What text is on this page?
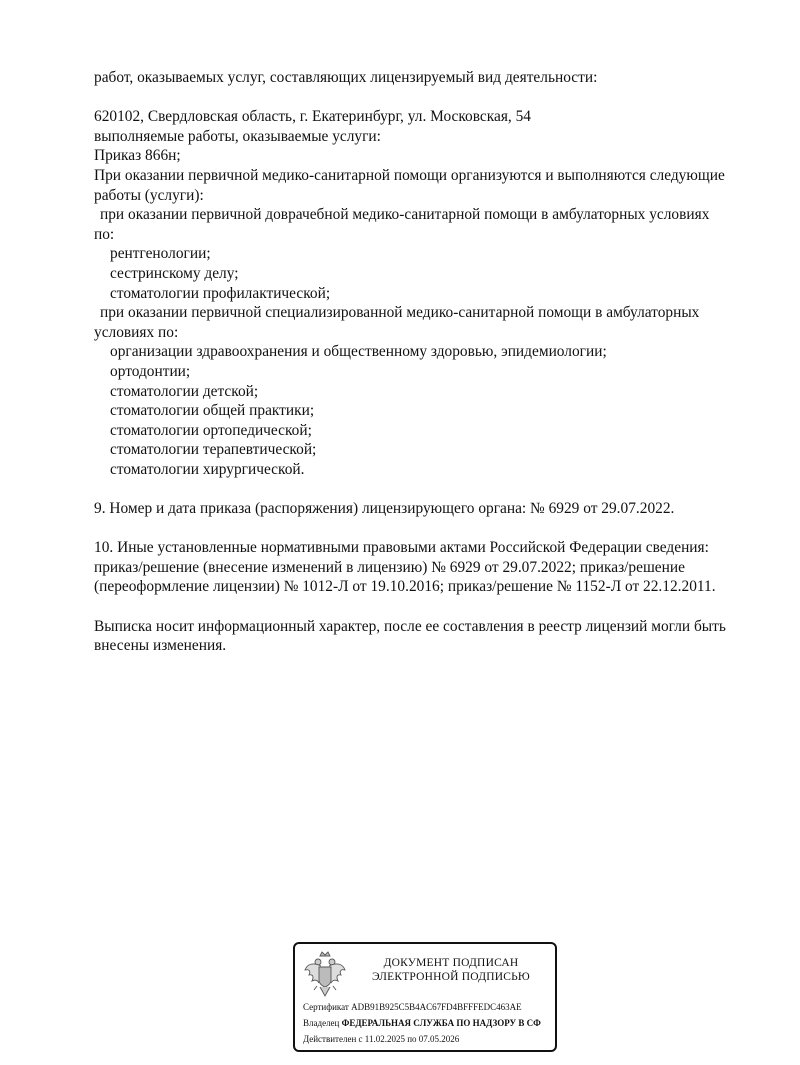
работ, оказываемых услуг, составляющих лицензируемый вид деятельности:
620102, Свердловская область, г. Екатеринбург, ул. Московская, 54
выполняемые работы, оказываемые услуги:
Приказ 866н;
При оказании первичной медико-санитарной помощи организуются и выполняются следующие
работы (услуги):
при оказании первичной доврачебной медико-санитарной помощи в амбулаторных условиях
по:
рентгенологии;
сестринскому делу;
стоматологии профилактической;
при оказании первичной специализированной медико-санитарной помощи в амбулаторных
условиях по:
организации здравоохранения и общественному здоровью, эпидемиологии;
ортодонтии;
стоматологии детской;
стоматологии общей практики;
стоматологии ортопедической;
стоматологии терапевтической;
стоматологии хирургической.
9. Номер и дата приказа (распоряжения) лицензирующего органа: № 6929 от 29.07.2022.
10. Иные установленные нормативными правовыми актами Российской Федерации сведения:
приказ/решение (внесение изменений в лицензию) № 6929 от 29.07.2022; приказ/решение
(переоформление лицензии) № 1012-Л от 19.10.2016; приказ/решение № 1152-Л от 22.12.2011.
Выписка носит информационный характер, после ее составления в реестр лицензий могли быть
внесены изменения.
ДОКУМЕНТ ПОДПИСАН
ЭЛЕКТРОННОЙ ПОДПИСЬЮ
Сертификат ADB91B925C5B4AC67FD4BFFFEDC463AE
Владелец ФЕДЕРАЛЬНАЯ СЛУЖБА ПО НАДЗОРУ В СФ
Действителен с 11.02.2025 по 07.05.2026
